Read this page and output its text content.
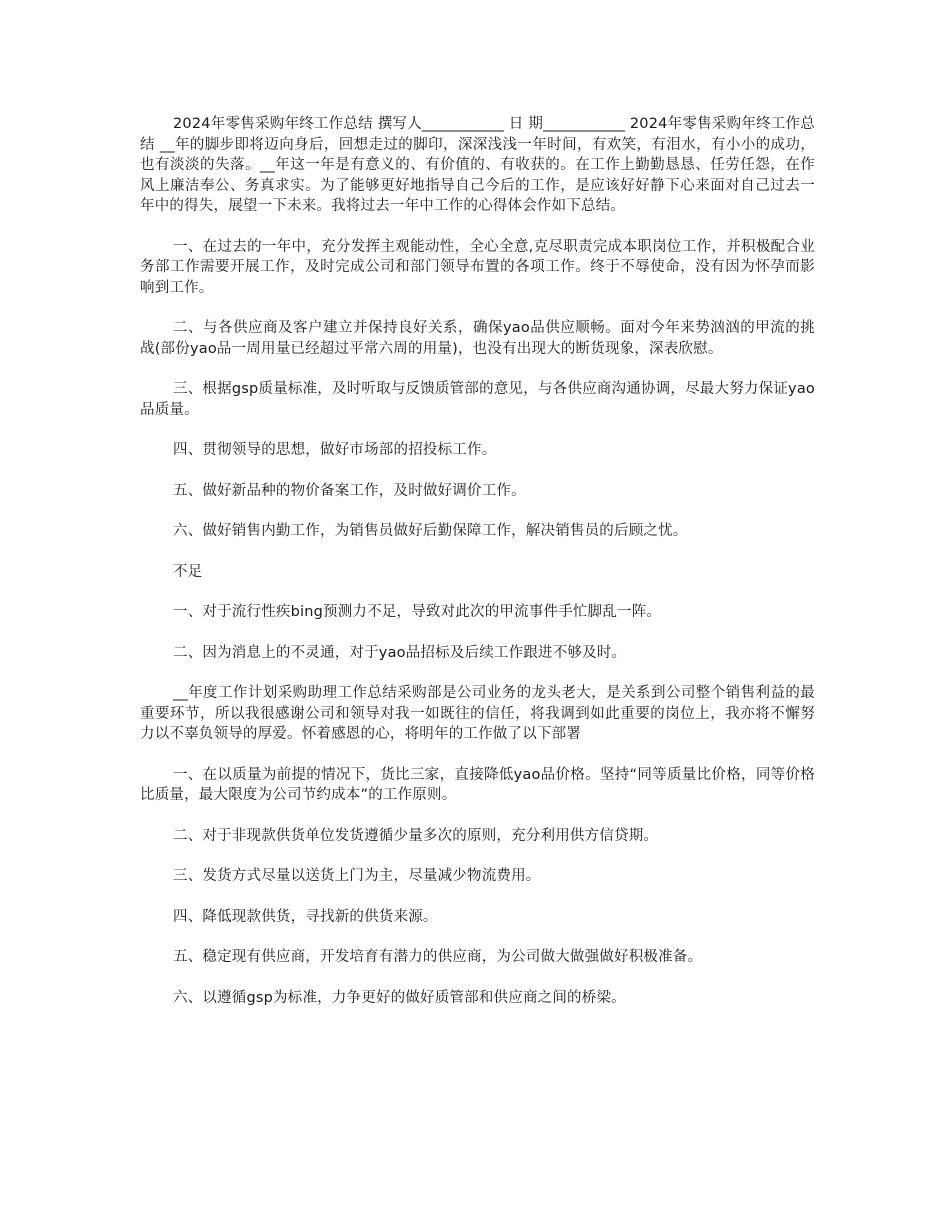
2024年零售采购年终工作总结 撰写人___________ 日 期___________ 2024年零售采购年终工作总结 __年的脚步即将迈向身后，回想走过的脚印，深深浅浅一年时间，有欢笑，有泪水，有小小的成功，也有淡淡的失落。__年这一年是有意义的、有价值的、有收获的。在工作上勤勤恳恳、任劳任怨，在作风上廉洁奉公、务真求实。为了能够更好地指导自己今后的工作，是应该好好静下心来面对自己过去一年中的得失，展望一下未来。我将过去一年中工作的心得体会作如下总结。

一、在过去的一年中，充分发挥主观能动性，全心全意,克尽职责完成本职岗位工作，并积极配合业务部工作需要开展工作，及时完成公司和部门领导布置的各项工作。终于不辱使命，没有因为怀孕而影响到工作。

二、与各供应商及客户建立并保持良好关系，确保yao品供应顺畅。面对今年来势汹汹的甲流的挑战(部份yao品一周用量已经超过平常六周的用量)，也没有出现大的断货现象，深表欣慰。

三、根据gsp质量标准，及时听取与反馈质管部的意见，与各供应商沟通协调，尽最大努力保证yao品质量。

四、贯彻领导的思想，做好市场部的招投标工作。

五、做好新品种的物价备案工作，及时做好调价工作。

六、做好销售内勤工作，为销售员做好后勤保障工作，解决销售员的后顾之忧。

不足

一、对于流行性疾bing预测力不足，导致对此次的甲流事件手忙脚乱一阵。

二、因为消息上的不灵通，对于yao品招标及后续工作跟进不够及时。

__年度工作计划采购助理工作总结采购部是公司业务的龙头老大，是关系到公司整个销售利益的最重要环节，所以我很感谢公司和领导对我一如既往的信任，将我调到如此重要的岗位上，我亦将不懈努力以不辜负领导的厚爱。怀着感恩的心，将明年的工作做了以下部署

一、在以质量为前提的情况下，货比三家，直接降低yao品价格。坚持“同等质量比价格，同等价格比质量，最大限度为公司节约成本”的工作原则。

二、对于非现款供货单位发货遵循少量多次的原则，充分利用供方信贷期。

三、发货方式尽量以送货上门为主，尽量减少物流费用。

四、降低现款供货，寻找新的供货来源。

五、稳定现有供应商，开发培育有潜力的供应商，为公司做大做强做好积极准备。

六、以遵循gsp为标准，力争更好的做好质管部和供应商之间的桥梁。
